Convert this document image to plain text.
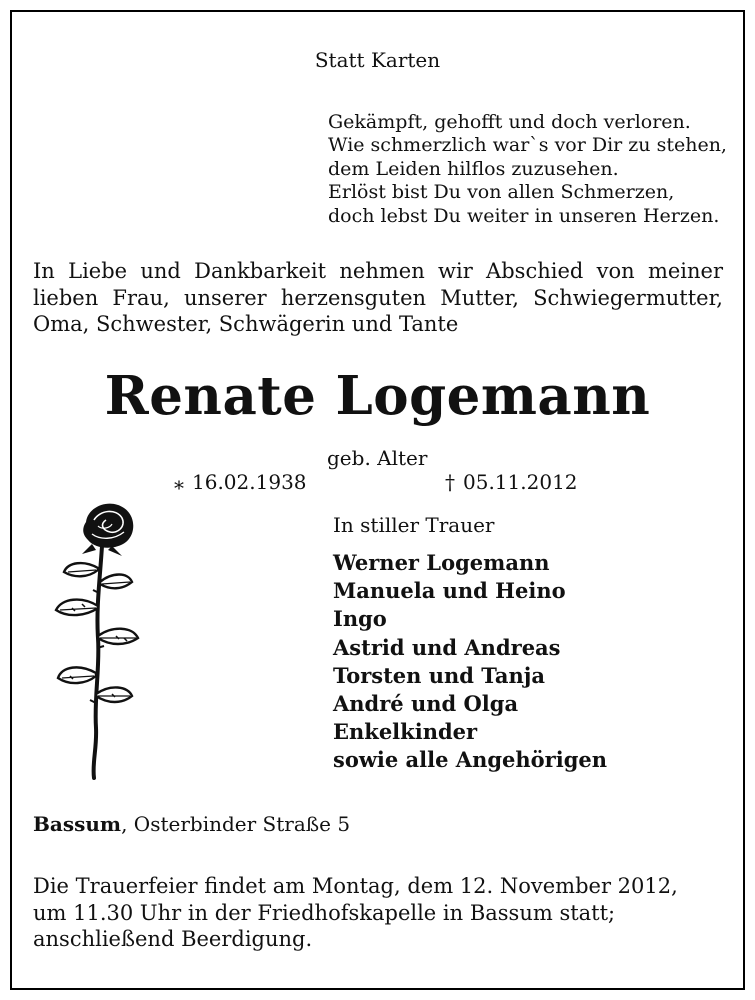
Statt Karten
Gekämpft, gehofft und doch verloren.
Wie schmerzlich war`s vor Dir zu stehen,
dem Leiden hilflos zuzusehen.
Erlöst bist Du von allen Schmerzen,
doch lebst Du weiter in unseren Herzen.
In Liebe und Dankbarkeit nehmen wir Abschied von meiner
lieben Frau, unserer herzensguten Mutter, Schwiegermutter,
Oma, Schwester, Schwägerin und Tante
Renate Logemann
geb. Alter
⁎ 16.02.1938	† 05.11.2012
In stiller Trauer
Werner Logemann
Manuela und Heino
Ingo
Astrid und Andreas
Torsten und Tanja
André und Olga
Enkelkinder
sowie alle Angehörigen
Bassum, Osterbinder Straße 5
Die Trauerfeier findet am Montag, dem 12. November 2012,
um 11.30 Uhr in der Friedhofskapelle in Bassum statt;
anschließend Beerdigung.
